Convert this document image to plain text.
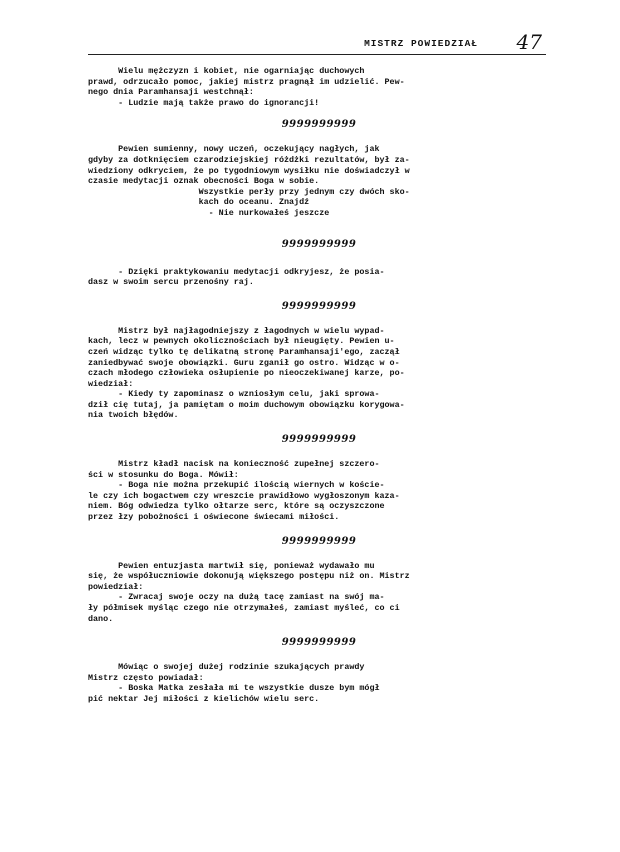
MISTRZ POWIEDZIAŁ 47
Wielu mężczyzn i kobiet, nie ogarniając duchowych
prawd, odrzucało pomoc, jakiej mistrz pragnął im udzielić. Pew-
nego dnia Paramhansaji westchnął:
- Ludzie mają także prawo do ignorancji!
9999999999
Pewien sumienny, nowy uczeń, oczekujący nagłych, jak
gdyby za dotknięciem czarodziejskiej różdżki rezultatów, był za-
wiedziony odkryciem, że po tygodniowym wysiłku nie doświadczył w
czasie medytacji oznak obecności Boga w sobie.
Wszystkie perły przy jednym czy dwóch sko-
kach do oceanu. Znajdź
- Nie nurkowałeś jeszcze
9999999999
- Dzięki praktykowaniu medytacji odkryjesz, że posia-
dasz w swoim sercu przenośny raj.
9999999999
Mistrz był najłagodniejszy z łagodnych w wielu wypad-
kach, lecz w pewnych okolicznościach był nieugięty. Pewien u-
czeń widząc tylko tę delikatną stronę Paramhansaji'ego, zaczął
zaniedbywać swoje obowiązki. Guru zganił go ostro. Widząc w o-
czach młodego człowieka osłupienie po nieoczekiwanej karze, po-
wiedział:
- Kiedy ty zapominasz o wzniosłym celu, jaki sprowa-
dził cię tutaj, ja pamiętam o moim duchowym obowiązku korygowa-
nia twoich błędów.
9999999999
Mistrz kładł nacisk na konieczność zupełnej szczero-
ści w stosunku do Boga. Mówił:
- Boga nie można przekupić ilością wiernych w koście-
le czy ich bogactwem czy wreszcie prawidłowo wygłoszonym kaza-
niem. Bóg odwiedza tylko ołtarze serc, które są oczyszczone
przez łzy pobożności i oświecone świecami miłości.
9999999999
Pewien entuzjasta martwił się, ponieważ wydawało mu
się, że współuczniowie dokonują większego postępu niż on. Mistrz
powiedział:
- Zwracaj swoje oczy na dużą tacę zamiast na swój ma-
ły półmisek myśląc czego nie otrzymałeś, zamiast myśleć, co ci
dano.
9999999999
Mówiąc o swojej dużej rodzinie szukających prawdy
Mistrz często powiadał:
- Boska Matka zesłała mi te wszystkie dusze bym mógł
pić nektar Jej miłości z kielichów wielu serc.
